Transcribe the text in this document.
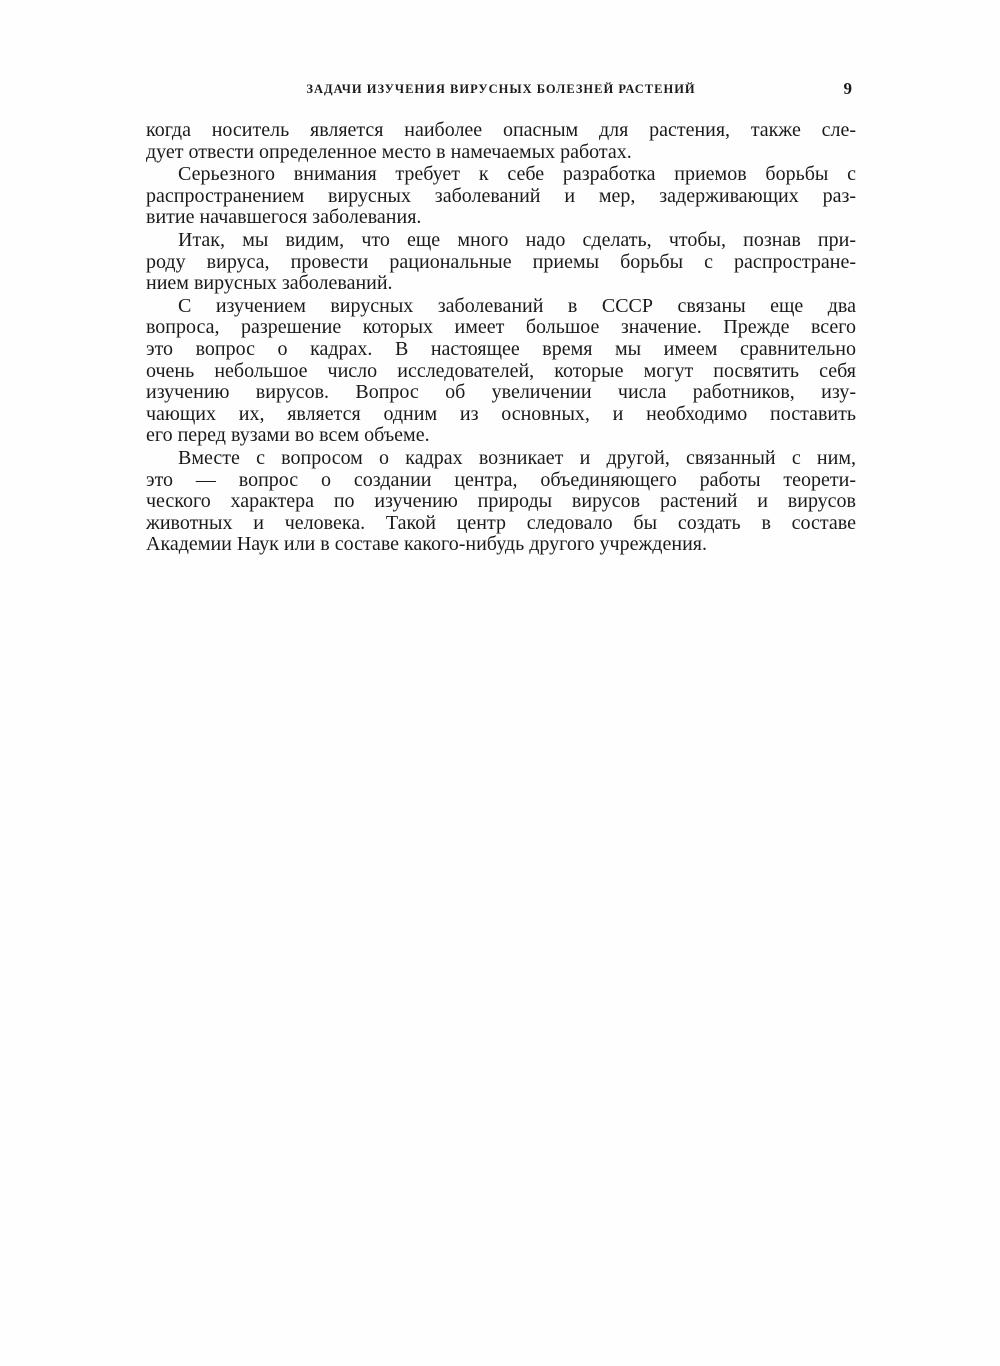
ЗАДАЧИ ИЗУЧЕНИЯ ВИРУСНЫХ БОЛЕЗНЕЙ РАСТЕНИЙ	9
когда носитель является наиболее опасным для растения, также сле-
дует отвести определенное место в намечаемых работах.
Серьезного внимания требует к себе разработка приемов борьбы с
распространением вирусных заболеваний и мер, задерживающих раз-
витие начавшегося заболевания.
Итак, мы видим, что еще много надо сделать, чтобы, познав при-
роду вируса, провести рациональные приемы борьбы с распростране-
нием вирусных заболеваний.
С изучением вирусных заболеваний в СССР связаны еще два
вопроса, разрешение которых имеет большое значение. Прежде всего
это вопрос о кадрах. В настоящее время мы имеем сравнительно
очень небольшое число исследователей, которые могут посвятить себя
изучению вирусов. Вопрос об увеличении числа работников, изу-
чающих их, является одним из основных, и необходимо поставить
его перед вузами во всем объеме.
Вместе с вопросом о кадрах возникает и другой, связанный с ним,
это — вопрос о создании центра, объединяющего работы теорети-
ческого характера по изучению природы вирусов растений и вирусов
животных и человека. Такой центр следовало бы создать в составе
Академии Наук или в составе какого-нибудь другого учреждения.
